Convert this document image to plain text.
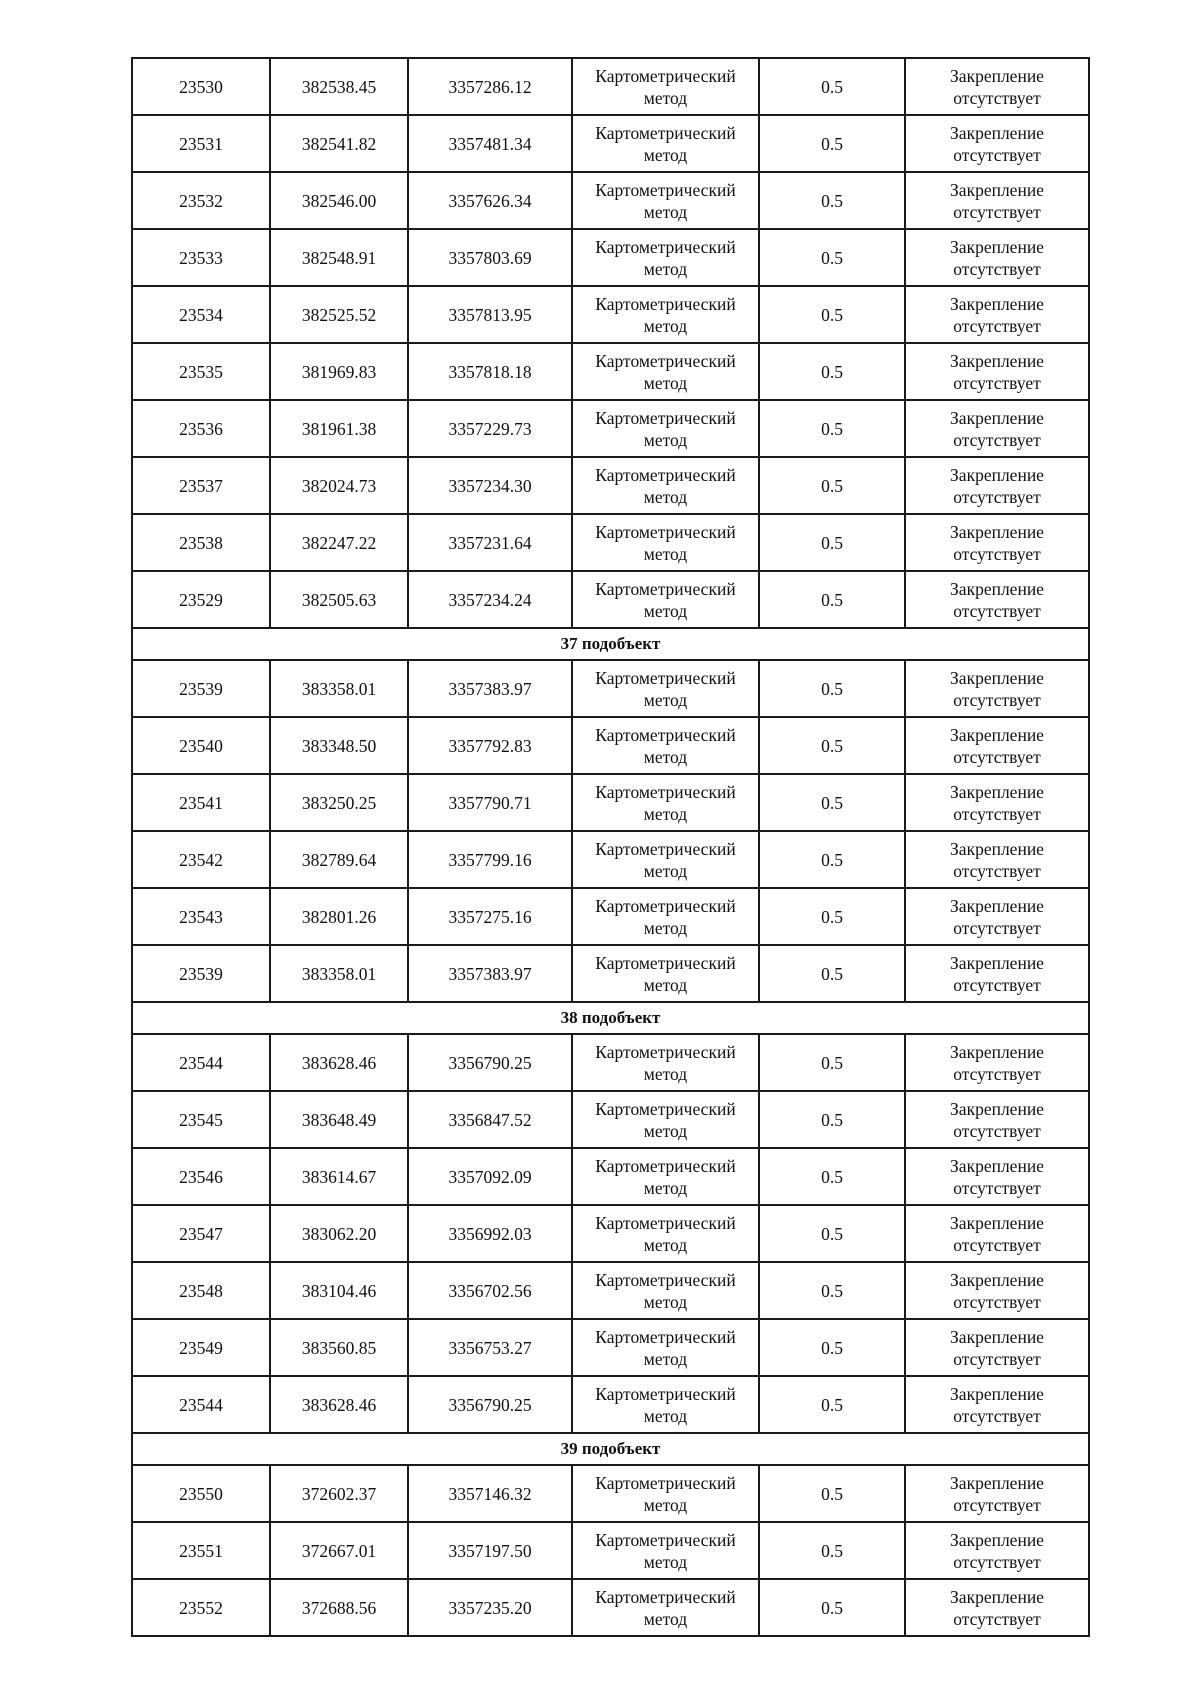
23530	382538.45	3357286.12	Картометрический метод	0.5	Закрепление отсутствует
23531	382541.82	3357481.34	Картометрический метод	0.5	Закрепление отсутствует
23532	382546.00	3357626.34	Картометрический метод	0.5	Закрепление отсутствует
23533	382548.91	3357803.69	Картометрический метод	0.5	Закрепление отсутствует
23534	382525.52	3357813.95	Картометрический метод	0.5	Закрепление отсутствует
23535	381969.83	3357818.18	Картометрический метод	0.5	Закрепление отсутствует
23536	381961.38	3357229.73	Картометрический метод	0.5	Закрепление отсутствует
23537	382024.73	3357234.30	Картометрический метод	0.5	Закрепление отсутствует
23538	382247.22	3357231.64	Картометрический метод	0.5	Закрепление отсутствует
23529	382505.63	3357234.24	Картометрический метод	0.5	Закрепление отсутствует
37 подобъект					
23539	383358.01	3357383.97	Картометрический метод	0.5	Закрепление отсутствует
23540	383348.50	3357792.83	Картометрический метод	0.5	Закрепление отсутствует
23541	383250.25	3357790.71	Картометрический метод	0.5	Закрепление отсутствует
23542	382789.64	3357799.16	Картометрический метод	0.5	Закрепление отсутствует
23543	382801.26	3357275.16	Картометрический метод	0.5	Закрепление отсутствует
23539	383358.01	3357383.97	Картометрический метод	0.5	Закрепление отсутствует
38 подобъект					
23544	383628.46	3356790.25	Картометрический метод	0.5	Закрепление отсутствует
23545	383648.49	3356847.52	Картометрический метод	0.5	Закрепление отсутствует
23546	383614.67	3357092.09	Картометрический метод	0.5	Закрепление отсутствует
23547	383062.20	3356992.03	Картометрический метод	0.5	Закрепление отсутствует
23548	383104.46	3356702.56	Картометрический метод	0.5	Закрепление отсутствует
23549	383560.85	3356753.27	Картометрический метод	0.5	Закрепление отсутствует
23544	383628.46	3356790.25	Картометрический метод	0.5	Закрепление отсутствует
39 подобъект					
23550	372602.37	3357146.32	Картометрический метод	0.5	Закрепление отсутствует
23551	372667.01	3357197.50	Картометрический метод	0.5	Закрепление отсутствует
23552	372688.56	3357235.20	Картометрический метод	0.5	Закрепление отсутствует
